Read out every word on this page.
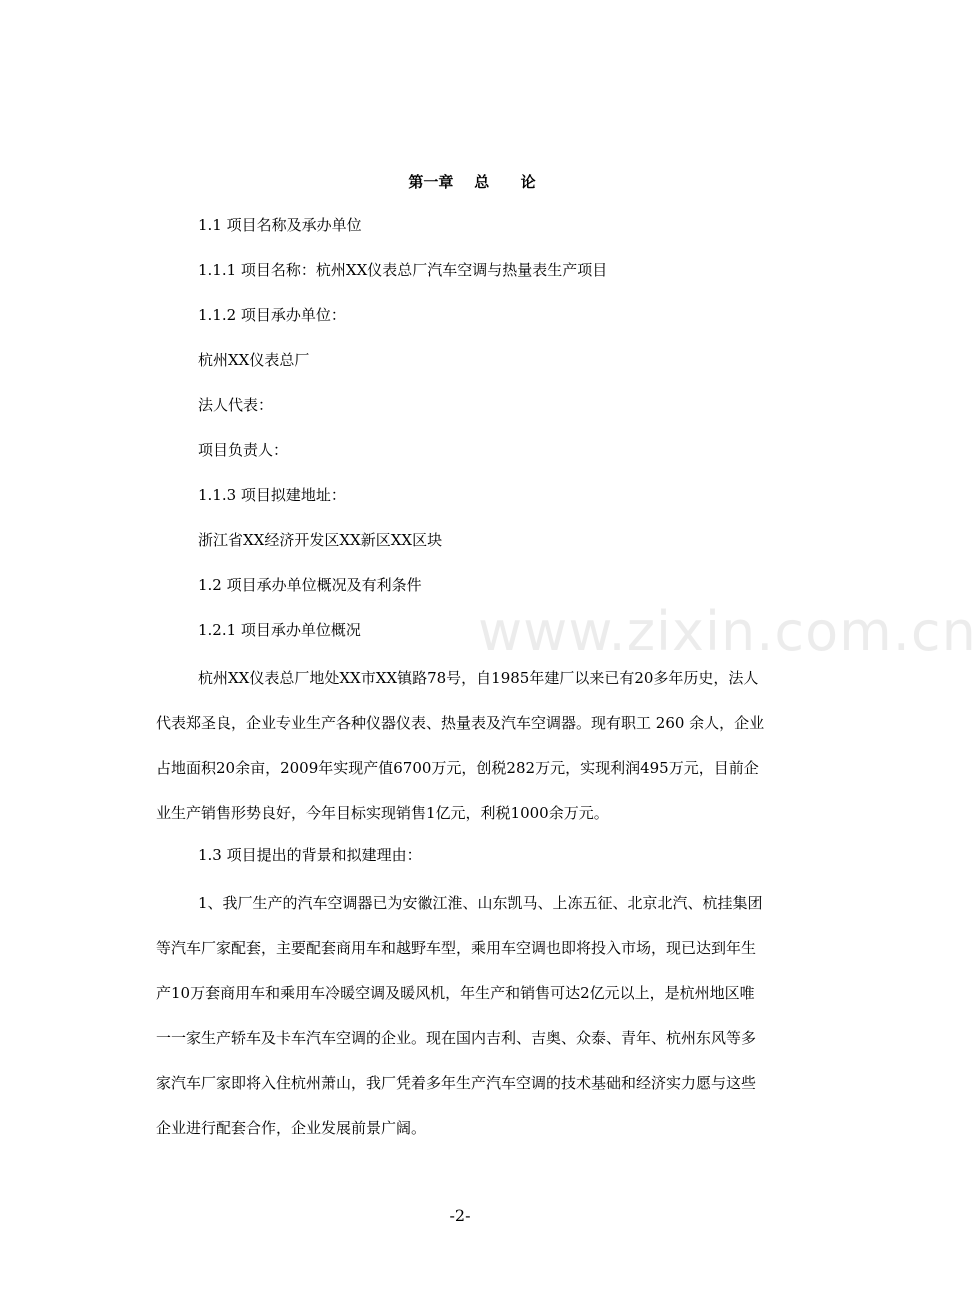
www.zixin.com.cn
第一章    总      论
1.1 项目名称及承办单位
1.1.1 项目名称：杭州XX仪表总厂汽车空调与热量表生产项目
1.1.2 项目承办单位：
杭州XX仪表总厂
法人代表：
项目负责人：
1.1.3 项目拟建地址：
浙江省XX经济开发区XX新区XX区块
1.2 项目承办单位概况及有利条件
1.2.1 项目承办单位概况
杭州XX仪表总厂地处XX市XX镇路78号，自1985年建厂以来已有20多年历史，法人
代表郑圣良，企业专业生产各种仪器仪表、热量表及汽车空调器。现有职工 260 余人，企业
占地面积20余亩，2009年实现产值6700万元，创税282万元，实现利润495万元，目前企
业生产销售形势良好，今年目标实现销售1亿元，利税1000余万元。
1.3 项目提出的背景和拟建理由：
1、我厂生产的汽车空调器已为安徽江淮、山东凯马、上冻五征、北京北汽、杭挂集团
等汽车厂家配套，主要配套商用车和越野车型，乘用车空调也即将投入市场，现已达到年生
产10万套商用车和乘用车冷暖空调及暖风机，年生产和销售可达2亿元以上，是杭州地区唯
一一家生产轿车及卡车汽车空调的企业。现在国内吉利、吉奥、众泰、青年、杭州东风等多
家汽车厂家即将入住杭州萧山，我厂凭着多年生产汽车空调的技术基础和经济实力愿与这些
企业进行配套合作，企业发展前景广阔。
-2-
